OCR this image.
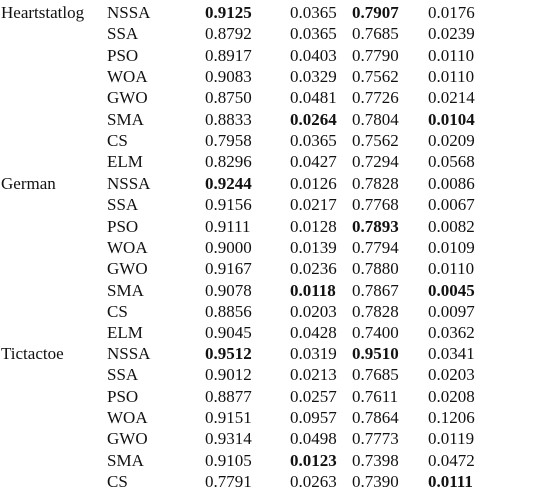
Heartstatlog NSSA	0.9125 0.0365 0.7907 0.0176
SSA	0.8792 0.0365 0.7685 0.0239
PSO	0.8917 0.0403 0.7790 0.0110
WOA	0.9083 0.0329 0.7562 0.0110
GWO	0.8750 0.0481 0.7726 0.0214
SMA	0.8833 0.0264 0.7804 0.0104
CS	0.7958 0.0365 0.7562 0.0209
ELM	0.8296 0.0427 0.7294 0.0568
German	NSSA	0.9244 0.0126 0.7828 0.0086
SSA	0.9156 0.0217 0.7768 0.0067
PSO	0.9111 0.0128 0.7893 0.0082
WOA	0.9000 0.0139 0.7794 0.0109
GWO	0.9167 0.0236 0.7880 0.0110
SMA	0.9078 0.0118 0.7867 0.0045
CS	0.8856 0.0203 0.7828 0.0097
ELM	0.9045 0.0428 0.7400 0.0362
Tictactoe	NSSA	0.9512 0.0319 0.9510 0.0341
SSA	0.9012 0.0213 0.7685 0.0203
PSO	0.8877 0.0257 0.7611 0.0208
WOA	0.9151 0.0957 0.7864 0.1206
GWO	0.9314 0.0498 0.7773 0.0119
SMA	0.9105 0.0123 0.7398 0.0472
CS	0.7791 0.0263 0.7390 0.0111
